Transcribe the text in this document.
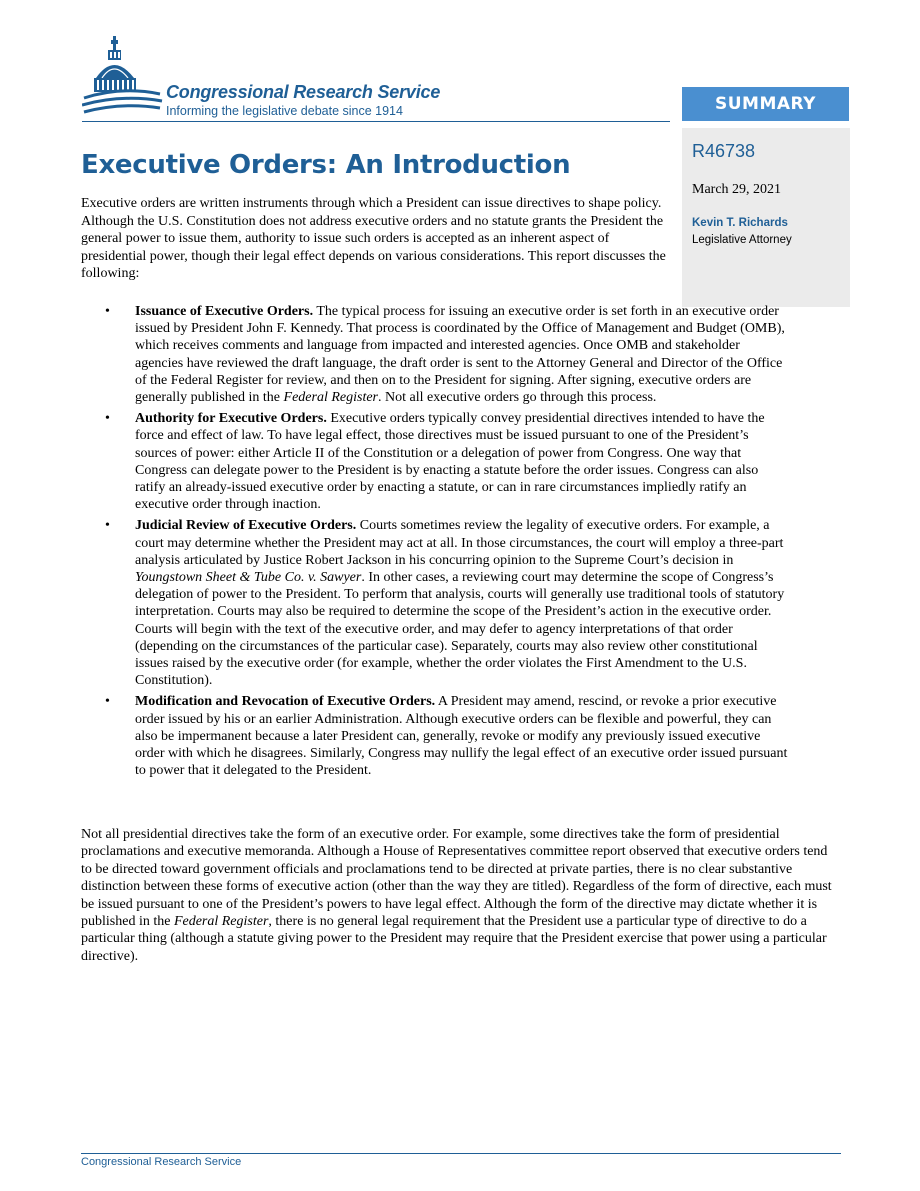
Congressional Research Service
Informing the legislative debate since 1914	SUMMARY
R46738
March 29, 2021
Kevin T. Richards
Legislative Attorney
Executive Orders: An Introduction

Executive orders are written instruments through which a President can issue directives to shape policy. Although the U.S. Constitution does not address executive orders and no statute grants the President the general power to issue them, authority to issue such orders is accepted as an inherent aspect of presidential power, though their legal effect depends on various considerations. This report discusses the following:

• Issuance of Executive Orders. The typical process for issuing an executive order is set forth in an executive order issued by President John F. Kennedy. That process is coordinated by the Office of Management and Budget (OMB), which receives comments and language from impacted and interested agencies. Once OMB and stakeholder agencies have reviewed the draft language, the draft order is sent to the Attorney General and Director of the Office of the Federal Register for review, and then on to the President for signing. After signing, executive orders are generally published in the Federal Register. Not all executive orders go through this process.
• Authority for Executive Orders. Executive orders typically convey presidential directives intended to have the force and effect of law. To have legal effect, those directives must be issued pursuant to one of the President’s sources of power: either Article II of the Constitution or a delegation of power from Congress. One way that Congress can delegate power to the President is by enacting a statute before the order issues. Congress can also ratify an already-issued executive order by enacting a statute, or can in rare circumstances impliedly ratify an executive order through inaction.
• Judicial Review of Executive Orders. Courts sometimes review the legality of executive orders. For example, a court may determine whether the President may act at all. In those circumstances, the court will employ a three-part analysis articulated by Justice Robert Jackson in his concurring opinion to the Supreme Court’s decision in Youngstown Sheet & Tube Co. v. Sawyer. In other cases, a reviewing court may determine the scope of Congress’s delegation of power to the President. To perform that analysis, courts will generally use traditional tools of statutory interpretation. Courts may also be required to determine the scope of the President’s action in the executive order. Courts will begin with the text of the executive order, and may defer to agency interpretations of that order (depending on the circumstances of the particular case). Separately, courts may also review other constitutional issues raised by the executive order (for example, whether the order violates the First Amendment to the U.S. Constitution).
• Modification and Revocation of Executive Orders. A President may amend, rescind, or revoke a prior executive order issued by his or an earlier Administration. Although executive orders can be flexible and powerful, they can also be impermanent because a later President can, generally, revoke or modify any previously issued executive order with which he disagrees. Similarly, Congress may nullify the legal effect of an executive order issued pursuant to power that it delegated to the President.

Not all presidential directives take the form of an executive order. For example, some directives take the form of presidential proclamations and executive memoranda. Although a House of Representatives committee report observed that executive orders tend to be directed toward government officials and proclamations tend to be directed at private parties, there is no clear substantive distinction between these forms of executive action (other than the way they are titled). Regardless of the form of directive, each must be issued pursuant to one of the President’s powers to have legal effect. Although the form of the directive may dictate whether it is published in the Federal Register, there is no general legal requirement that the President use a particular type of directive to do a particular thing (although a statute giving power to the President may require that the President exercise that power using a particular directive).

Congressional Research Service
